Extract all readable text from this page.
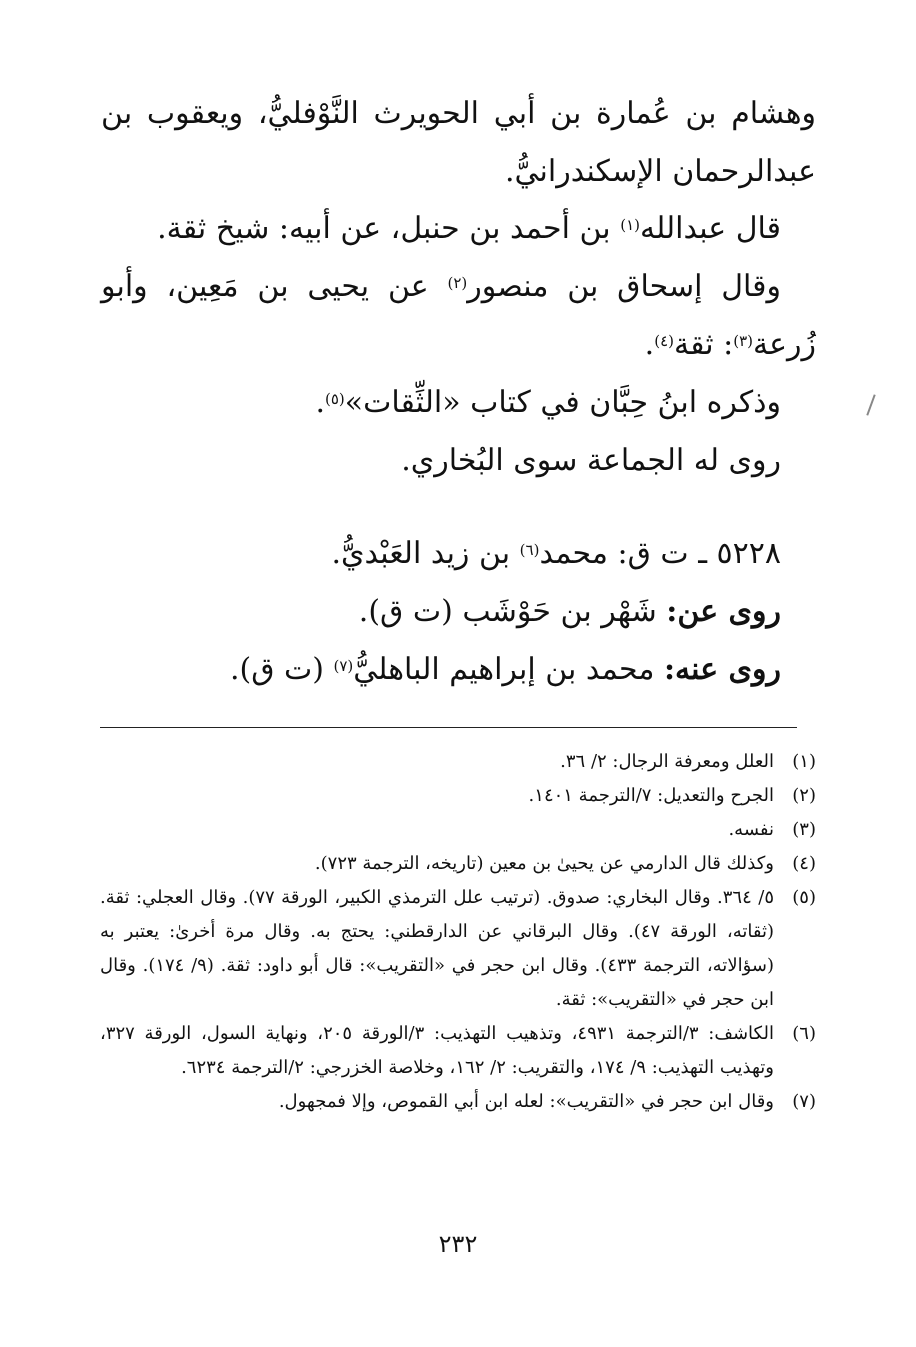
وهشام بن عُمارة بن أبي الحويرث النَّوْفليُّ، ويعقوب بن
عبدالرحمان الإسكندرانيُّ.
قال عبدالله$^{(١)}$ بن أحمد بن حنبل، عن أبيه: شيخ ثقة.
وقال إسحاق بن منصور$^{(٢)}$ عن يحيى بن مَعِين، وأبو
زُرعة$^{(٣)}$: ثقة$^{(٤)}$.
وذكره ابنُ حِبَّان في كتاب «الثِّقات»$^{(٥)}$.
روى له الجماعة سوى البُخاري.
٥٢٢٨ ـ ت ق: محمد$^{(٦)}$ بن زيد العَبْديُّ.
روى عن: شَهْر بن حَوْشَب (ت ق).
روى عنه: محمد بن إبراهيم الباهليُّ$^{(٧)}$ (ت ق).
(١)
العلل ومعرفة الرجال: ٢/ ٣٦.
(٢)
الجرح والتعديل: ٧/الترجمة ١٤٠١.
(٣)
نفسه.
(٤)
وكذلك قال الدارمي عن يحيىٰ بن معين (تاريخه، الترجمة ٧٢٣).
(٥)
٥/ ٣٦٤. وقال البخاري: صدوق. (ترتيب علل الترمذي الكبير، الورقة ٧٧). وقال العجلي: ثقة. (ثقاته، الورقة ٤٧). وقال البرقاني عن الدارقطني: يحتج به. وقال مرة أخرىٰ: يعتبر به (سؤالاته، الترجمة ٤٣٣). وقال ابن حجر في «التقريب»: قال أبو داود: ثقة. (٩/ ١٧٤). وقال ابن حجر في «التقريب»: ثقة.
(٦)
الكاشف: ٣/الترجمة ٤٩٣١، وتذهيب التهذيب: ٣/الورقة ٢٠٥، ونهاية السول، الورقة ٣٢٧، وتهذيب التهذيب: ٩/ ١٧٤، والتقريب: ٢/ ١٦٢، وخلاصة الخزرجي: ٢/الترجمة ٦٢٣٤.
(٧)
وقال ابن حجر في «التقريب»: لعله ابن أبي القموص، وإلا فمجهول.
٢٣٢
